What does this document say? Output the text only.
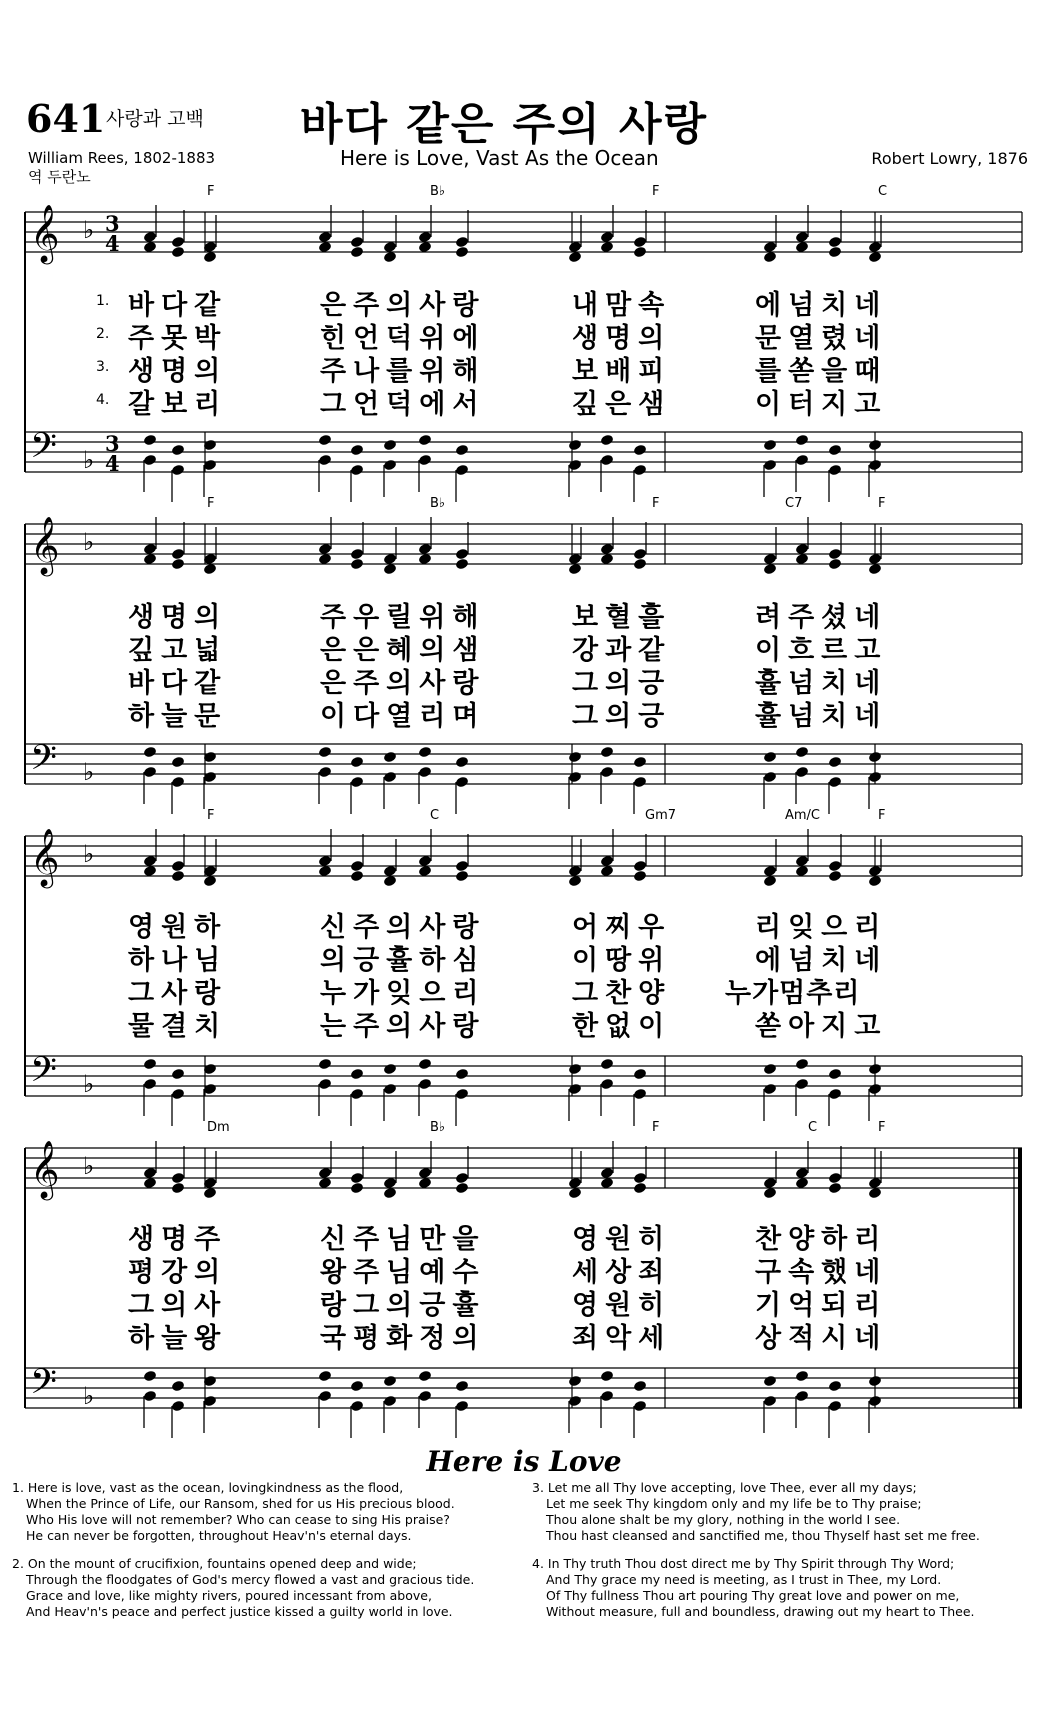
641 사랑과 고백 바다 같은 주의 사랑
William Rees, 1802-1883
역 두란노
Here is Love, Vast As the Ocean	Robert Lowry, 1876
𝄞
𝄢
♭
♭
3
4
3
4
F	B♭	F	C
𝄞
𝄢
♭
♭
F	B♭	F	C7	F
𝄞
𝄢
♭
♭
F	C	Gm7	Am/C	F
𝄞
𝄢
♭
♭
Dm	B♭	F	C	F
1. 바다같	은주의사랑	내맘속	에넘치네
2. 주못박	힌언덕위에	생명의	문열렸네
3. 생명의	주나를위해	보배피	를쏟을때
4. 갈보리	그언덕에서	깊은샘	이터지고
생명의	주우릴위해	보혈흘	려주셨네
깊고넓	은은혜의샘	강과같	이흐르고
바다같	은주의사랑	그의긍	휼넘치네
하늘문	이다열리며	그의긍	휼넘치네
영원하	신주의사랑	어찌우	리잊으리
하나님	의긍휼하심	이땅위	에넘치네
그사랑	누가잊으리	그찬양 누가멈추리
물결치	는주의사랑	한없이	쏟아지고
생명주	신주님만을	영원히	찬양하리
평강의	왕주님예수	세상죄	구속했네
그의사	랑그의긍휼	영원히	기억되리
하늘왕	국평화정의	죄악세	상적시네
Here is Love
1. Here is love, vast as the ocean, lovingkindness as the flood,
When the Prince of Life, our Ransom, shed for us His precious blood.
Who His love will not remember? Who can cease to sing His praise?
He can never be forgotten, throughout Heav'n's eternal days.
2. On the mount of crucifixion, fountains opened deep and wide;
Through the floodgates of God's mercy flowed a vast and gracious tide.
Grace and love, like mighty rivers, poured incessant from above,
And Heav'n's peace and perfect justice kissed a guilty world in love.
3. Let me all Thy love accepting, love Thee, ever all my days;
Let me seek Thy kingdom only and my life be to Thy praise;
Thou alone shalt be my glory, nothing in the world I see.
Thou hast cleansed and sanctified me, thou Thyself hast set me free.
4. In Thy truth Thou dost direct me by Thy Spirit through Thy Word;
And Thy grace my need is meeting, as I trust in Thee, my Lord.
Of Thy fullness Thou art pouring Thy great love and power on me,
Without measure, full and boundless, drawing out my heart to Thee.
